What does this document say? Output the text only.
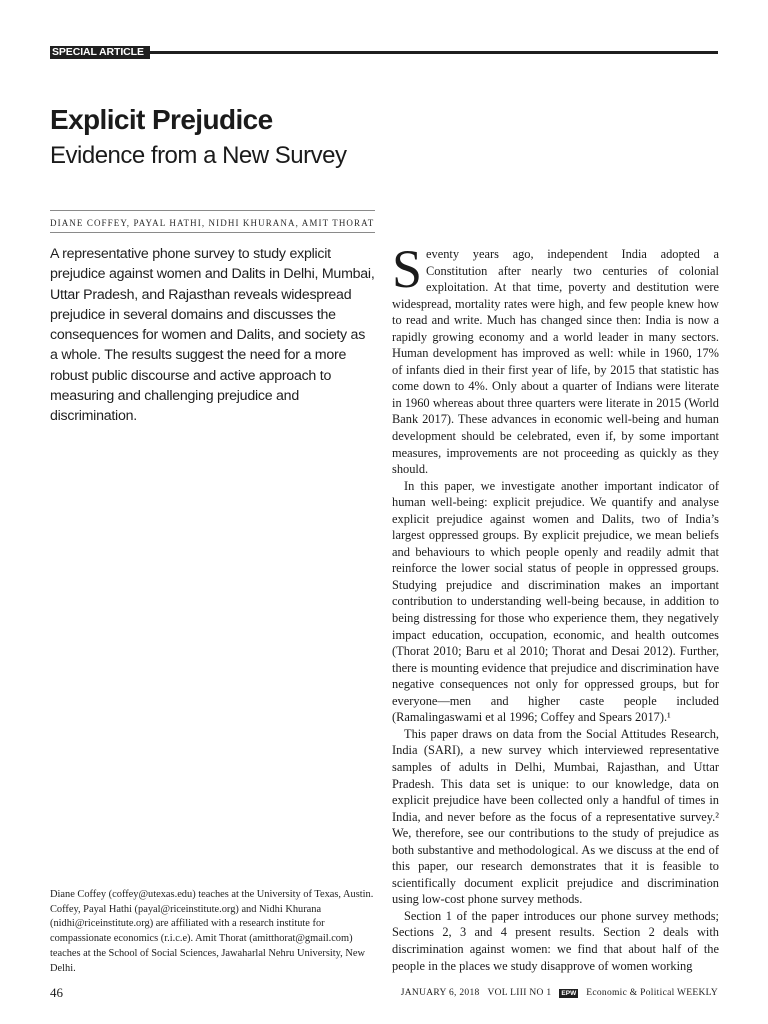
SPECIAL ARTICLE
Explicit Prejudice
Evidence from a New Survey
DIANE COFFEY, PAYAL HATHI, NIDHI KHURANA, AMIT THORAT
A representative phone survey to study explicit prejudice against women and Dalits in Delhi, Mumbai, Uttar Pradesh, and Rajasthan reveals widespread prejudice in several domains and discusses the consequences for women and Dalits, and society as a whole. The results suggest the need for a more robust public discourse and active approach to measuring and challenging prejudice and discrimination.

Diane Coffey (coffey@utexas.edu) teaches at the University of Texas, Austin. Coffey, Payal Hathi (payal@riceinstitute.org) and Nidhi Khurana (nidhi@riceinstitute.org) are affiliated with a research institute for compassionate economics (r.i.c.e). Amit Thorat (amitthorat@gmail.com) teaches at the School of Social Sciences, Jawaharlal Nehru University, New Delhi.

Seventy years ago, independent India adopted a Constitution after nearly two centuries of colonial exploitation. At that time, poverty and destitution were widespread, mortality rates were high, and few people knew how to read and write. Much has changed since then: India is now a rapidly growing economy and a world leader in many sectors. Human development has improved as well: while in 1960, 17% of infants died in their first year of life, by 2015 that statistic has come down to 4%. Only about a quarter of Indians were literate in 1960 whereas about three quarters were literate in 2015 (World Bank 2017). These advances in economic well-being and human development should be celebrated, even if, by some important measures, improvements are not proceeding as quickly as they should.

In this paper, we investigate another important indicator of human well-being: explicit prejudice. We quantify and analyse explicit prejudice against women and Dalits, two of India’s largest oppressed groups. By explicit prejudice, we mean beliefs and behaviours to which people openly and readily admit that reinforce the lower social status of people in oppressed groups. Studying prejudice and discrimination makes an important contribution to understanding well-being because, in addition to being distressing for those who experience them, they negatively impact education, occupation, economic, and health outcomes (Thorat 2010; Baru et al 2010; Thorat and Desai 2012). Further, there is mounting evidence that prejudice and discrimination have negative consequences not only for oppressed groups, but for everyone—men and higher caste people included (Ramalingaswami et al 1996; Coffey and Spears 2017).¹

This paper draws on data from the Social Attitudes Research, India (SARI), a new survey which interviewed representative samples of adults in Delhi, Mumbai, Rajasthan, and Uttar Pradesh. This data set is unique: to our knowledge, data on explicit prejudice have been collected only a handful of times in India, and never before as the focus of a representative survey.² We, therefore, see our contributions to the study of prejudice as both substantive and methodological. As we discuss at the end of this paper, our research demonstrates that it is feasible to scientifically document explicit prejudice and discrimination using low-cost phone survey methods.

Section 1 of the paper introduces our phone survey methods; Sections 2, 3 and 4 present results. Section 2 deals with discrimination against women: we find that about half of the people in the places we study disapprove of women working

46	JANUARY 6, 2018   VOL LIII NO 1	EPW Economic & Political WEEKLY
